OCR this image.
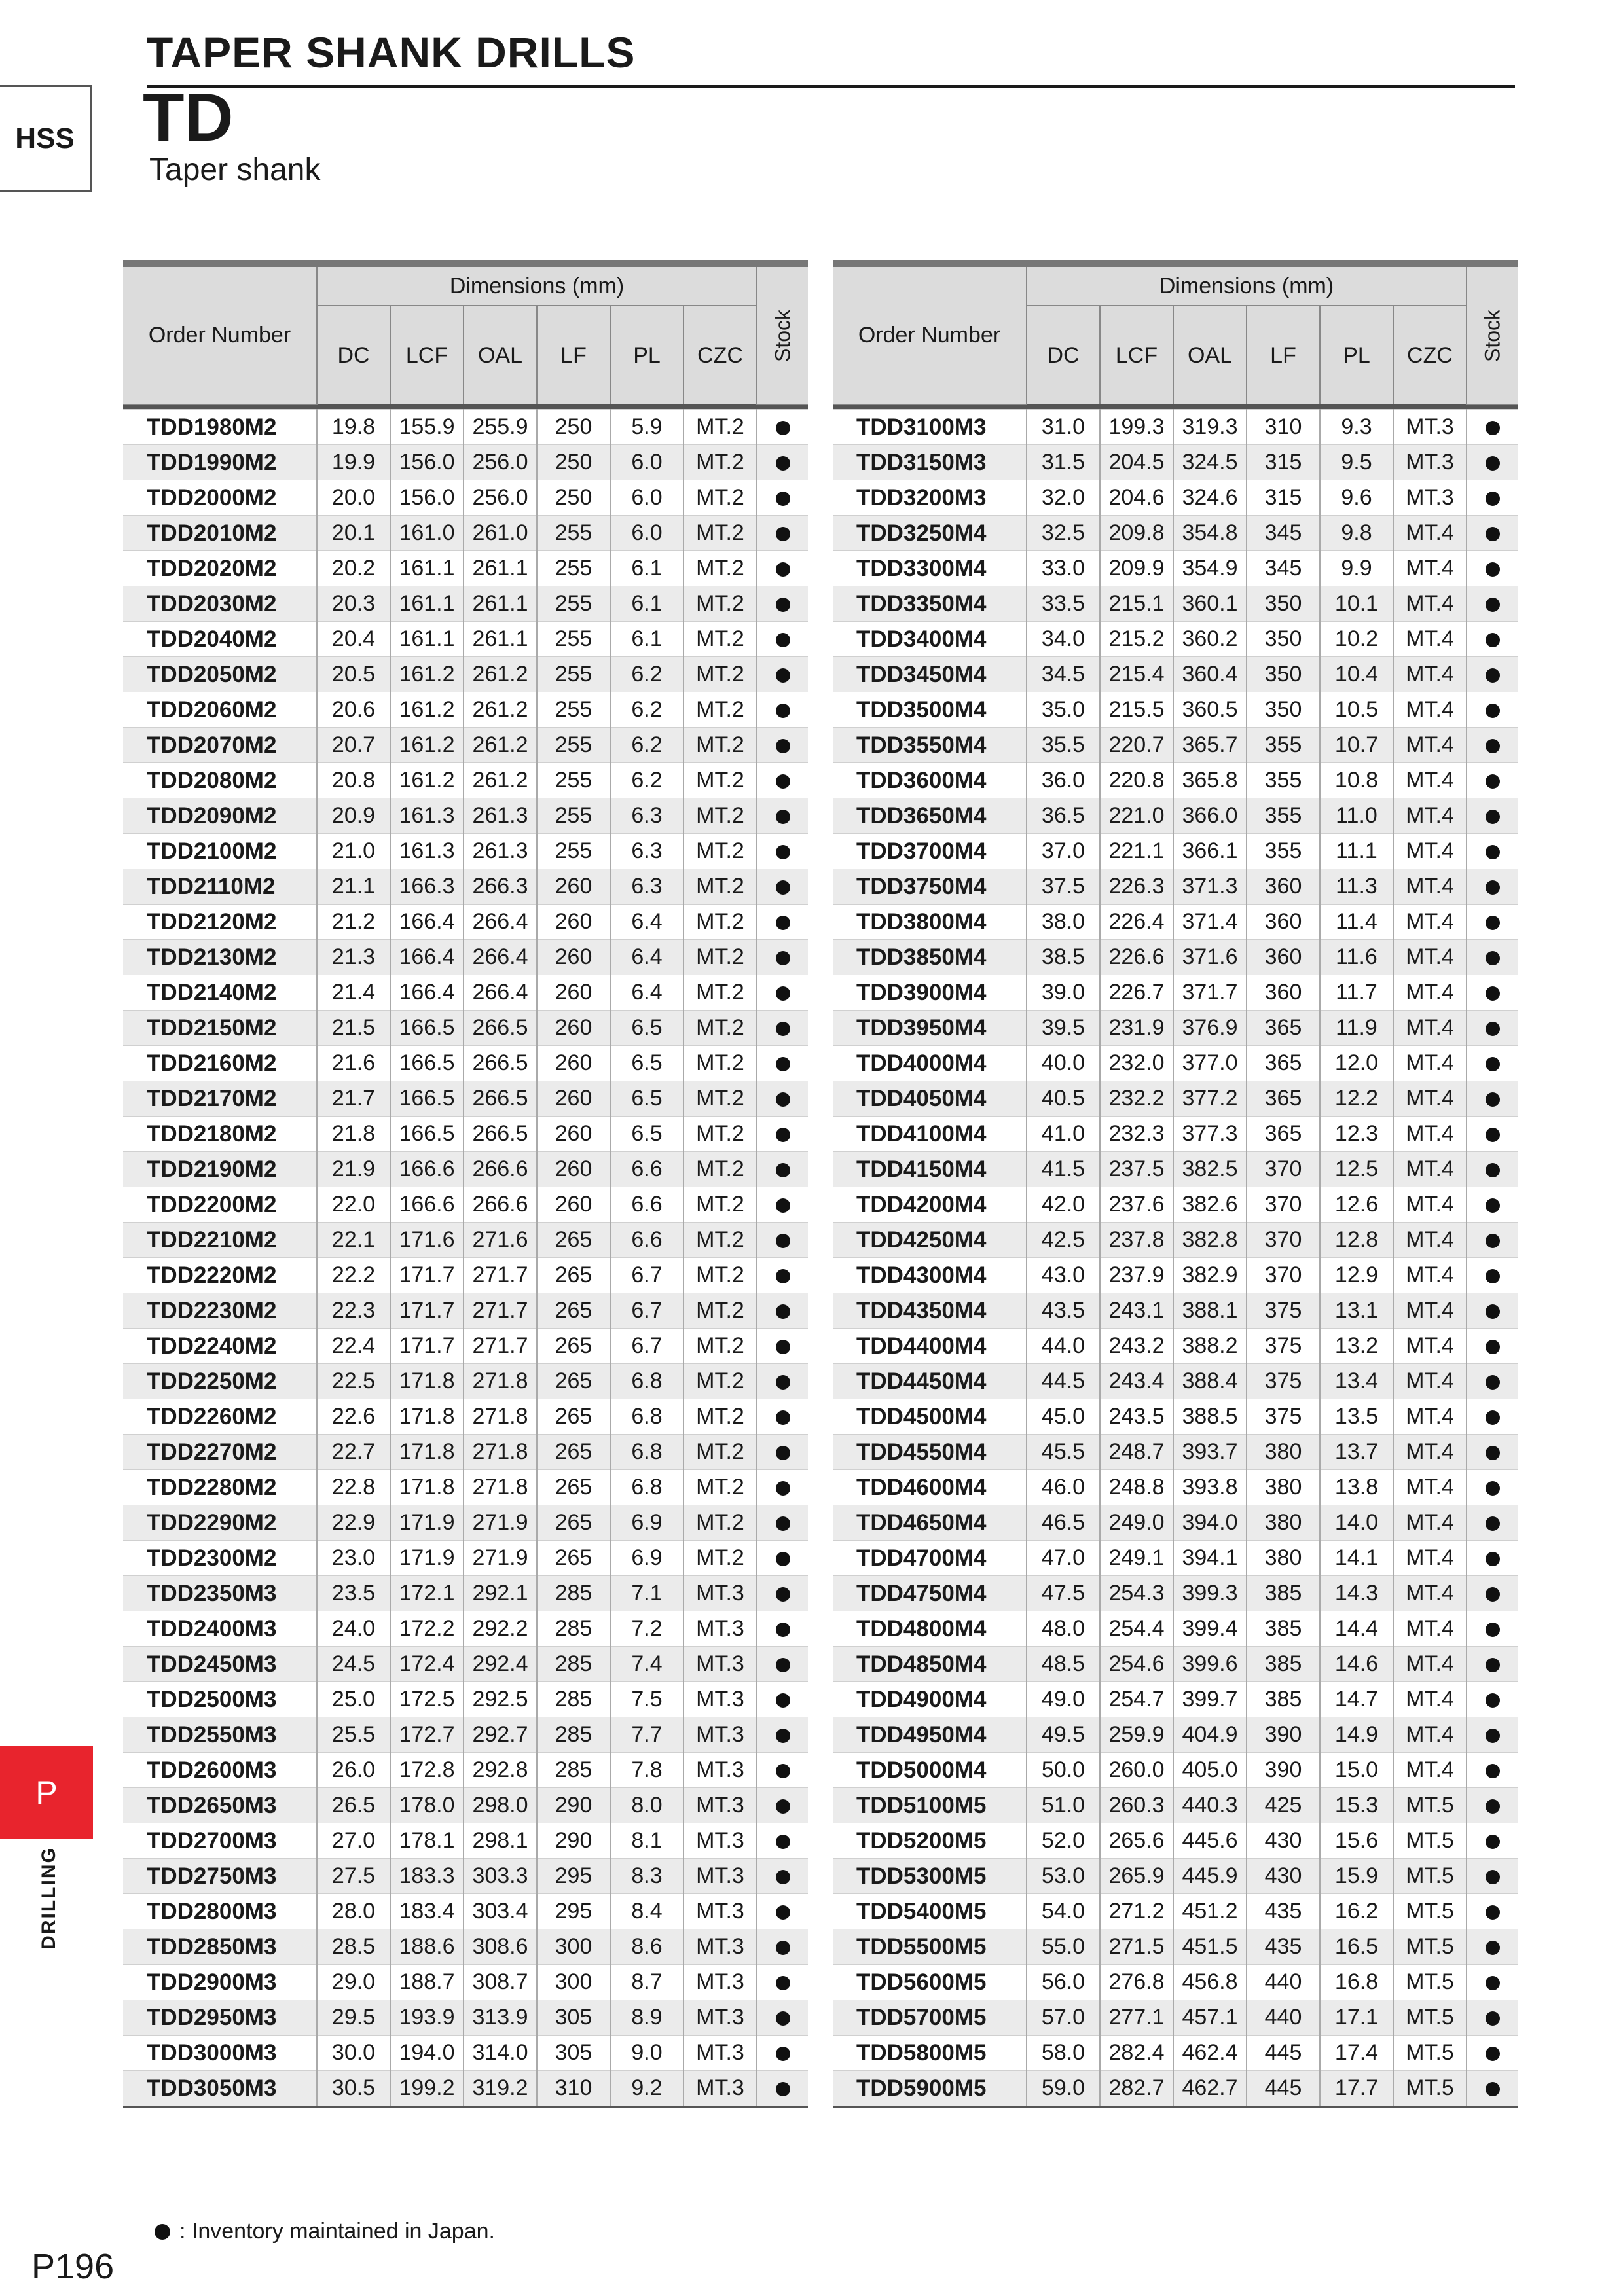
TAPER SHANK DRILLS
TD
Taper shank
HSS

Order Number	Dimensions (mm)						Stock

	DC	LCF	OAL	LF	PL	CZC	

TDD1980M2	19.8	155.9	255.9	250	5.9	MT.2	
TDD1990M2	19.9	156.0	256.0	250	6.0	MT.2	
TDD2000M2	20.0	156.0	256.0	250	6.0	MT.2	
TDD2010M2	20.1	161.0	261.0	255	6.0	MT.2	
TDD2020M2	20.2	161.1	261.1	255	6.1	MT.2	
TDD2030M2	20.3	161.1	261.1	255	6.1	MT.2	
TDD2040M2	20.4	161.1	261.1	255	6.1	MT.2	
TDD2050M2	20.5	161.2	261.2	255	6.2	MT.2	
TDD2060M2	20.6	161.2	261.2	255	6.2	MT.2	
TDD2070M2	20.7	161.2	261.2	255	6.2	MT.2	
TDD2080M2	20.8	161.2	261.2	255	6.2	MT.2	
TDD2090M2	20.9	161.3	261.3	255	6.3	MT.2	
TDD2100M2	21.0	161.3	261.3	255	6.3	MT.2	
TDD2110M2	21.1	166.3	266.3	260	6.3	MT.2	
TDD2120M2	21.2	166.4	266.4	260	6.4	MT.2	
TDD2130M2	21.3	166.4	266.4	260	6.4	MT.2	
TDD2140M2	21.4	166.4	266.4	260	6.4	MT.2	
TDD2150M2	21.5	166.5	266.5	260	6.5	MT.2	
TDD2160M2	21.6	166.5	266.5	260	6.5	MT.2	
TDD2170M2	21.7	166.5	266.5	260	6.5	MT.2	
TDD2180M2	21.8	166.5	266.5	260	6.5	MT.2	
TDD2190M2	21.9	166.6	266.6	260	6.6	MT.2	
TDD2200M2	22.0	166.6	266.6	260	6.6	MT.2	
TDD2210M2	22.1	171.6	271.6	265	6.6	MT.2	
TDD2220M2	22.2	171.7	271.7	265	6.7	MT.2	
TDD2230M2	22.3	171.7	271.7	265	6.7	MT.2	
TDD2240M2	22.4	171.7	271.7	265	6.7	MT.2	
TDD2250M2	22.5	171.8	271.8	265	6.8	MT.2	
TDD2260M2	22.6	171.8	271.8	265	6.8	MT.2	
TDD2270M2	22.7	171.8	271.8	265	6.8	MT.2	
TDD2280M2	22.8	171.8	271.8	265	6.8	MT.2	
TDD2290M2	22.9	171.9	271.9	265	6.9	MT.2	
TDD2300M2	23.0	171.9	271.9	265	6.9	MT.2	
TDD2350M3	23.5	172.1	292.1	285	7.1	MT.3	
TDD2400M3	24.0	172.2	292.2	285	7.2	MT.3	
TDD2450M3	24.5	172.4	292.4	285	7.4	MT.3	
TDD2500M3	25.0	172.5	292.5	285	7.5	MT.3	
TDD2550M3	25.5	172.7	292.7	285	7.7	MT.3	
TDD2600M3	26.0	172.8	292.8	285	7.8	MT.3	
TDD2650M3	26.5	178.0	298.0	290	8.0	MT.3	
TDD2700M3	27.0	178.1	298.1	290	8.1	MT.3	
TDD2750M3	27.5	183.3	303.3	295	8.3	MT.3	
TDD2800M3	28.0	183.4	303.4	295	8.4	MT.3	
TDD2850M3	28.5	188.6	308.6	300	8.6	MT.3	
TDD2900M3	29.0	188.7	308.7	300	8.7	MT.3	
TDD2950M3	29.5	193.9	313.9	305	8.9	MT.3	
TDD3000M3	30.0	194.0	314.0	305	9.0	MT.3	
TDD3050M3	30.5	199.2	319.2	310	9.2	MT.3	

Order Number	Dimensions (mm)						Stock

	DC	LCF	OAL	LF	PL	CZC	

TDD3100M3	31.0	199.3	319.3	310	9.3	MT.3	
TDD3150M3	31.5	204.5	324.5	315	9.5	MT.3	
TDD3200M3	32.0	204.6	324.6	315	9.6	MT.3	
TDD3250M4	32.5	209.8	354.8	345	9.8	MT.4	
TDD3300M4	33.0	209.9	354.9	345	9.9	MT.4	
TDD3350M4	33.5	215.1	360.1	350	10.1	MT.4	
TDD3400M4	34.0	215.2	360.2	350	10.2	MT.4	
TDD3450M4	34.5	215.4	360.4	350	10.4	MT.4	
TDD3500M4	35.0	215.5	360.5	350	10.5	MT.4	
TDD3550M4	35.5	220.7	365.7	355	10.7	MT.4	
TDD3600M4	36.0	220.8	365.8	355	10.8	MT.4	
TDD3650M4	36.5	221.0	366.0	355	11.0	MT.4	
TDD3700M4	37.0	221.1	366.1	355	11.1	MT.4	
TDD3750M4	37.5	226.3	371.3	360	11.3	MT.4	
TDD3800M4	38.0	226.4	371.4	360	11.4	MT.4	
TDD3850M4	38.5	226.6	371.6	360	11.6	MT.4	
TDD3900M4	39.0	226.7	371.7	360	11.7	MT.4	
TDD3950M4	39.5	231.9	376.9	365	11.9	MT.4	
TDD4000M4	40.0	232.0	377.0	365	12.0	MT.4	
TDD4050M4	40.5	232.2	377.2	365	12.2	MT.4	
TDD4100M4	41.0	232.3	377.3	365	12.3	MT.4	
TDD4150M4	41.5	237.5	382.5	370	12.5	MT.4	
TDD4200M4	42.0	237.6	382.6	370	12.6	MT.4	
TDD4250M4	42.5	237.8	382.8	370	12.8	MT.4	
TDD4300M4	43.0	237.9	382.9	370	12.9	MT.4	
TDD4350M4	43.5	243.1	388.1	375	13.1	MT.4	
TDD4400M4	44.0	243.2	388.2	375	13.2	MT.4	
TDD4450M4	44.5	243.4	388.4	375	13.4	MT.4	
TDD4500M4	45.0	243.5	388.5	375	13.5	MT.4	
TDD4550M4	45.5	248.7	393.7	380	13.7	MT.4	
TDD4600M4	46.0	248.8	393.8	380	13.8	MT.4	
TDD4650M4	46.5	249.0	394.0	380	14.0	MT.4	
TDD4700M4	47.0	249.1	394.1	380	14.1	MT.4	
TDD4750M4	47.5	254.3	399.3	385	14.3	MT.4	
TDD4800M4	48.0	254.4	399.4	385	14.4	MT.4	
TDD4850M4	48.5	254.6	399.6	385	14.6	MT.4	
TDD4900M4	49.0	254.7	399.7	385	14.7	MT.4	
TDD4950M4	49.5	259.9	404.9	390	14.9	MT.4	
TDD5000M4	50.0	260.0	405.0	390	15.0	MT.4	
TDD5100M5	51.0	260.3	440.3	425	15.3	MT.5	
TDD5200M5	52.0	265.6	445.6	430	15.6	MT.5	
TDD5300M5	53.0	265.9	445.9	430	15.9	MT.5	
TDD5400M5	54.0	271.2	451.2	435	16.2	MT.5	
TDD5500M5	55.0	271.5	451.5	435	16.5	MT.5	
TDD5600M5	56.0	276.8	456.8	440	16.8	MT.5	
TDD5700M5	57.0	277.1	457.1	440	17.1	MT.5	
TDD5800M5	58.0	282.4	462.4	445	17.4	MT.5	
TDD5900M5	59.0	282.7	462.7	445	17.7	MT.5	

P
DRILLING
: Inventory maintained in Japan.
P196
